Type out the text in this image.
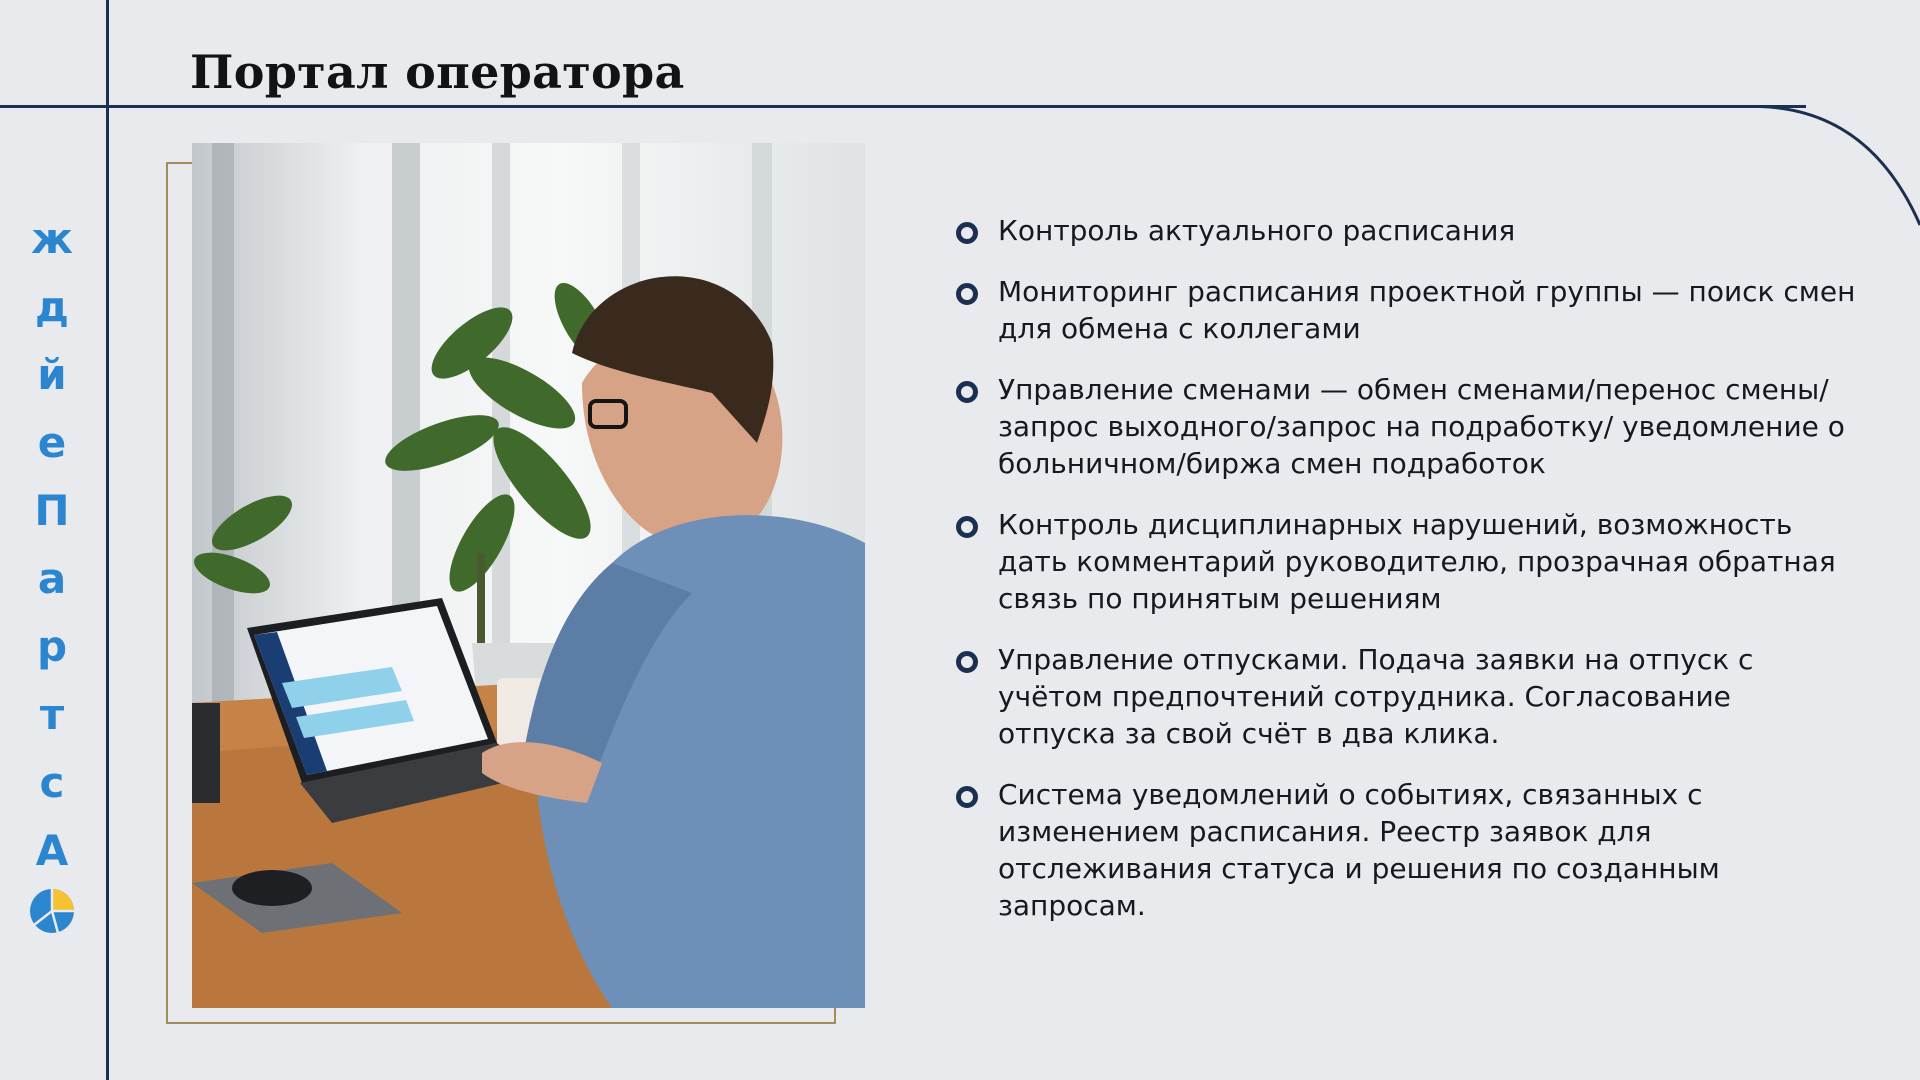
ж
д
й
е
П
а
р
т
с
А
Портал оператора
Контроль актуального расписания
Мониторинг расписания проектной группы — поиск смен для обмена с коллегами
Управление сменами — обмен сменами/перенос смены/запрос выходного/запрос на подработку/ уведомление о больничном/биржа смен подработок
Контроль дисциплинарных нарушений, возможность дать комментарий руководителю, прозрачная обратная связь по принятым решениям
Управление отпусками. Подача заявки на отпуск с учётом предпочтений сотрудника. Согласование отпуска за свой счёт в два клика.
Система уведомлений о событиях, связанных с изменением расписания. Реестр заявок для отслеживания статуса и решения по созданным запросам.
